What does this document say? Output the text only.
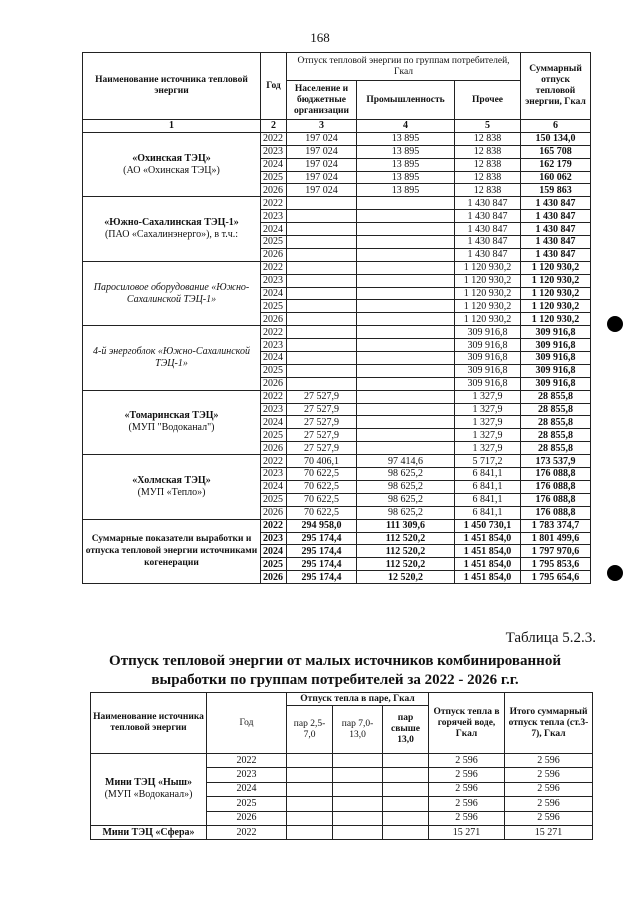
168
Наименование источника тепловой энергии	Год	Отпуск тепловой энергии по группам потребителей, Гкал			Суммарный отпуск тепловой энергии, Гкал
		Население и бюджетные организации	Промышленность	Прочее	
1	2	3	4	5	6

«Охинская ТЭЦ»
(АО «Охинская ТЭЦ»)	2022	197 024	13 895	12 838	150 134,0
	2023	197 024	13 895	12 838	165 708
	2024	197 024	13 895	12 838	162 179
	2025	197 024	13 895	12 838	160 062
	2026	197 024	13 895	12 838	159 863

«Южно-Сахалинская ТЭЦ-1»
(ПАО «Сахалинэнерго»), в т.ч.:	2022			1 430 847	1 430 847
	2023			1 430 847	1 430 847
	2024			1 430 847	1 430 847
	2025			1 430 847	1 430 847
	2026			1 430 847	1 430 847

Паросиловое оборудование «Южно-Сахалинской ТЭЦ-1»	2022			1 120 930,2	1 120 930,2
	2023			1 120 930,2	1 120 930,2
	2024			1 120 930,2	1 120 930,2
	2025			1 120 930,2	1 120 930,2
	2026			1 120 930,2	1 120 930,2

4-й энергоблок «Южно-Сахалинской ТЭЦ-1»	2022			309 916,8	309 916,8
	2023			309 916,8	309 916,8
	2024			309 916,8	309 916,8
	2025			309 916,8	309 916,8
	2026			309 916,8	309 916,8

«Томаринская ТЭЦ»
(МУП "Водоканал")	2022	27 527,9		1 327,9	28 855,8
	2023	27 527,9		1 327,9	28 855,8
	2024	27 527,9		1 327,9	28 855,8
	2025	27 527,9		1 327,9	28 855,8
	2026	27 527,9		1 327,9	28 855,8

«Холмская ТЭЦ»
(МУП «Тепло»)	2022	70 406,1	97 414,6	5 717,2	173 537,9
	2023	70 622,5	98 625,2	6 841,1	176 088,8
	2024	70 622,5	98 625,2	6 841,1	176 088,8
	2025	70 622,5	98 625,2	6 841,1	176 088,8
	2026	70 622,5	98 625,2	6 841,1	176 088,8

Суммарные показатели выработки и отпуска тепловой энергии источниками когенерации	2022	294 958,0	111 309,6	1 450 730,1	1 783 374,7
	2023	295 174,4	112 520,2	1 451 854,0	1 801 499,6
	2024	295 174,4	112 520,2	1 451 854,0	1 797 970,6
	2025	295 174,4	112 520,2	1 451 854,0	1 795 853,6
	2026	295 174,4	12 520,2	1 451 854,0	1 795 654,6
Таблица 5.2.3.
Отпуск тепловой энергии от малых источников комбинированной выработки по группам потребителей за 2022 - 2026 г.г.
Наименование источника тепловой энергии	Год	Отпуск тепла в паре, Гкал			Отпуск тепла в горячей воде, Гкал	Итого суммарный отпуск тепла (ст.3-7), Гкал
		пар 2,5-7,0	пар 7,0-13,0	пар свыше 13,0		

Мини ТЭЦ «Ныш»
(МУП «Водоканал»)	2022				2 596	2 596
	2023				2 596	2 596
	2024				2 596	2 596
	2025				2 596	2 596
	2026				2 596	2 596

Мини ТЭЦ «Сфера»	2022				15 271	15 271
